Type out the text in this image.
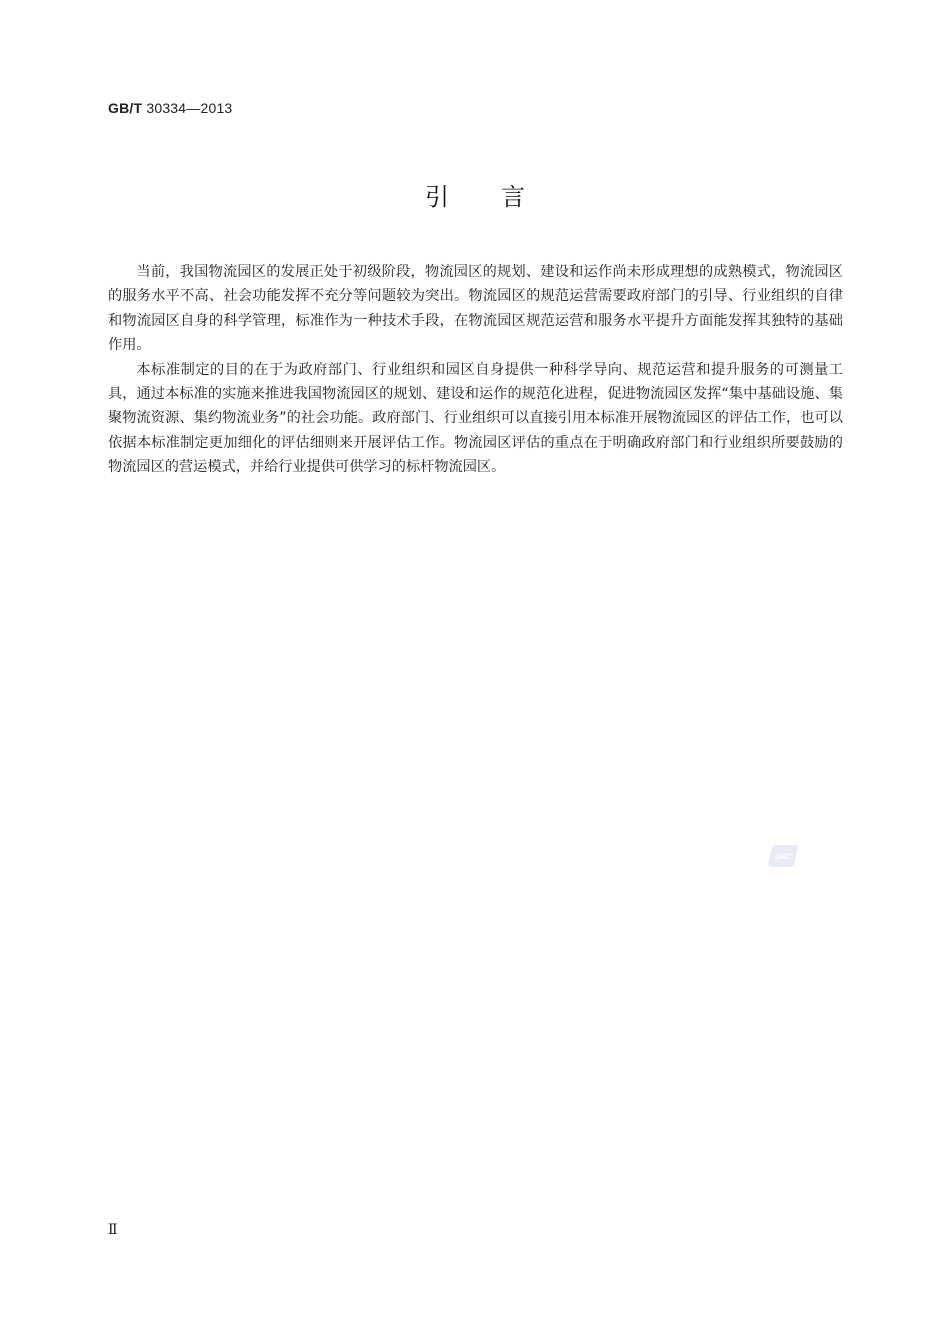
GB/T 30334—2013
引言

当前，我国物流园区的发展正处于初级阶段，物流园区的规划、建设和运作尚未形成理想的成熟模式，物流园区的服务水平不高、社会功能发挥不充分等问题较为突出。物流园区的规范运营需要政府部门的引导、行业组织的自律和物流园区自身的科学管理，标准作为一种技术手段，在物流园区规范运营和服务水平提升方面能发挥其独特的基础作用。

本标准制定的目的在于为政府部门、行业组织和园区自身提供一种科学导向、规范运营和提升服务的可测量工具，通过本标准的实施来推进我国物流园区的规划、建设和运作的规范化进程，促进物流园区发挥“集中基础设施、集聚物流资源、集约物流业务”的社会功能。政府部门、行业组织可以直接引用本标准开展物流园区的评估工作，也可以依据本标准制定更加细化的评估细则来开展评估工作。物流园区评估的重点在于明确政府部门和行业组织所要鼓励的物流园区的营运模式，并给行业提供可供学习的标杆物流园区。

SAC
Ⅱ
